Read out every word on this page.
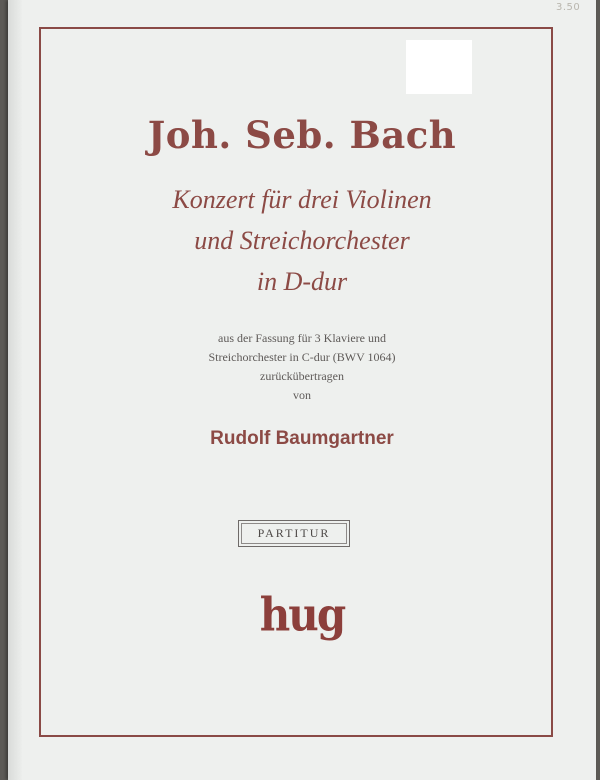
3.50
Joh. Seb. Bach
Konzert für drei Violinen
und Streichorchester
in D-dur
aus der Fassung für 3 Klaviere und
Streichorchester in C-dur (BWV 1064)
zurückübertragen
von
Rudolf Baumgartner
PARTITUR
hug
